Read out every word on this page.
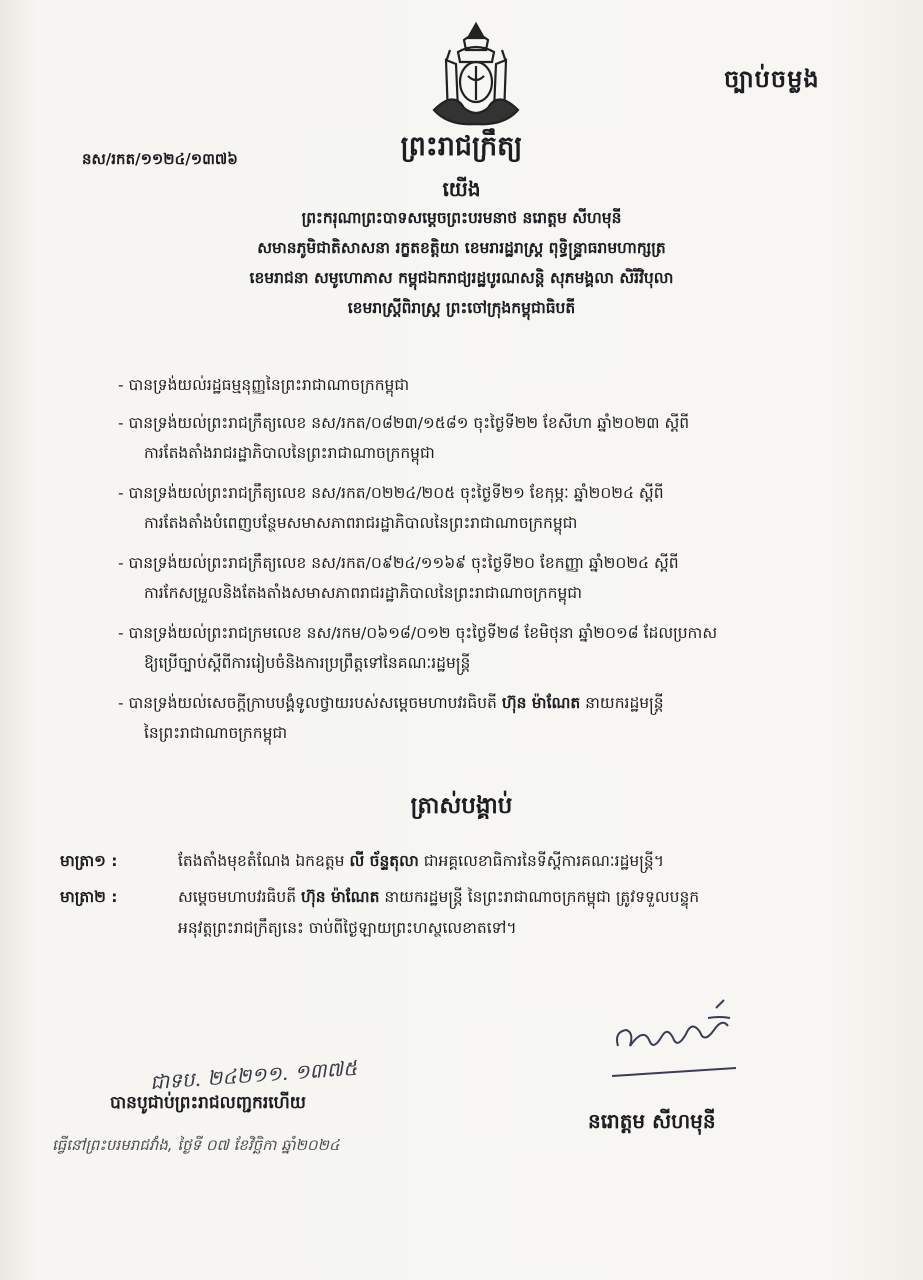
ច្បាប់ចម្លង
នស/រកត/១១២៤/១៣៧៦	ព្រះរាជក្រឹត្យ
យើង
ព្រះករុណាព្រះបាទសម្តេចព្រះបរមនាថ នរោត្តម សីហមុនី
សមានភូមិជាតិសាសនា រក្ខតខត្តិយា ខេមរារដ្ឋរាស្ត្រ ពុទ្ធិន្ទ្រាធរាមហាក្សត្រ
ខេមរាជនា សមូហោភាស កម្ពុជឯករាជ្យរដ្ឋបូរណសន្តិ សុភមង្គលា សិរីវិបុលា
ខេមរាស្ត្រីពិរាស្ត្រ ព្រះចៅក្រុងកម្ពុជាធិបតី
- បានទ្រង់យល់រដ្ឋធម្មនុញ្ញនៃព្រះរាជាណាចក្រកម្ពុជា
- បានទ្រង់យល់ព្រះរាជក្រឹត្យលេខ នស/រកត/០៨២៣/១៥៨១ ចុះថ្ងៃទី២២ ខែសីហា ឆ្នាំ២០២៣ ស្តីពី
ការតែងតាំងរាជរដ្ឋាភិបាលនៃព្រះរាជាណាចក្រកម្ពុជា
- បានទ្រង់យល់ព្រះរាជក្រឹត្យលេខ នស/រកត/០២២៤/២០៥ ចុះថ្ងៃទី២១ ខែកុម្ភៈ ឆ្នាំ២០២៤ ស្តីពី
ការតែងតាំងបំពេញបន្ថែមសមាសភាពរាជរដ្ឋាភិបាលនៃព្រះរាជាណាចក្រកម្ពុជា
- បានទ្រង់យល់ព្រះរាជក្រឹត្យលេខ នស/រកត/០៩២៤/១១៦៩ ចុះថ្ងៃទី២០ ខែកញ្ញា ឆ្នាំ២០២៤ ស្តីពី
ការកែសម្រួលនិងតែងតាំងសមាសភាពរាជរដ្ឋាភិបាលនៃព្រះរាជាណាចក្រកម្ពុជា
- បានទ្រង់យល់ព្រះរាជក្រមលេខ នស/រកម/០៦១៨/០១២ ចុះថ្ងៃទី២៨ ខែមិថុនា ឆ្នាំ២០១៨ ដែលប្រកាស
ឱ្យប្រើច្បាប់ស្តីពីការរៀបចំនិងការប្រព្រឹត្តទៅនៃគណៈរដ្ឋមន្ត្រី
- បានទ្រង់យល់សេចក្តីក្រាបបង្គំទូលថ្វាយរបស់សម្តេចមហាបវរធិបតី ហ៊ុន ម៉ាណែត នាយករដ្ឋមន្ត្រី
នៃព្រះរាជាណាចក្រកម្ពុជា
ត្រាស់បង្គាប់
មាត្រា១ :	តែងតាំងមុខតំណែង ឯកឧត្តម លី ច័ន្ទតុលា ជាអគ្គលេខាធិការនៃទីស្តីការគណៈរដ្ឋមន្ត្រី។
មាត្រា២ :	សម្តេចមហាបវរធិបតី ហ៊ុន ម៉ាណែត នាយករដ្ឋមន្ត្រី នៃព្រះរាជាណាចក្រកម្ពុជា ត្រូវទទួលបន្ទុក
អនុវត្តព្រះរាជក្រឹត្យនេះ ចាប់ពីថ្ងៃឡាយព្រះហស្ថលេខាតទៅ។
ជាទប. ២៤២១១. ១៣៧៥
បានបូជាប់ព្រះរាជលញ្ជករហើយ
ធ្វើនៅព្រះបរមរាជវាំង, ថ្ងៃទី ០៧ ខែវិច្ឆិកា ឆ្នាំ២០២៤
នរោត្តម សីហមុនី
